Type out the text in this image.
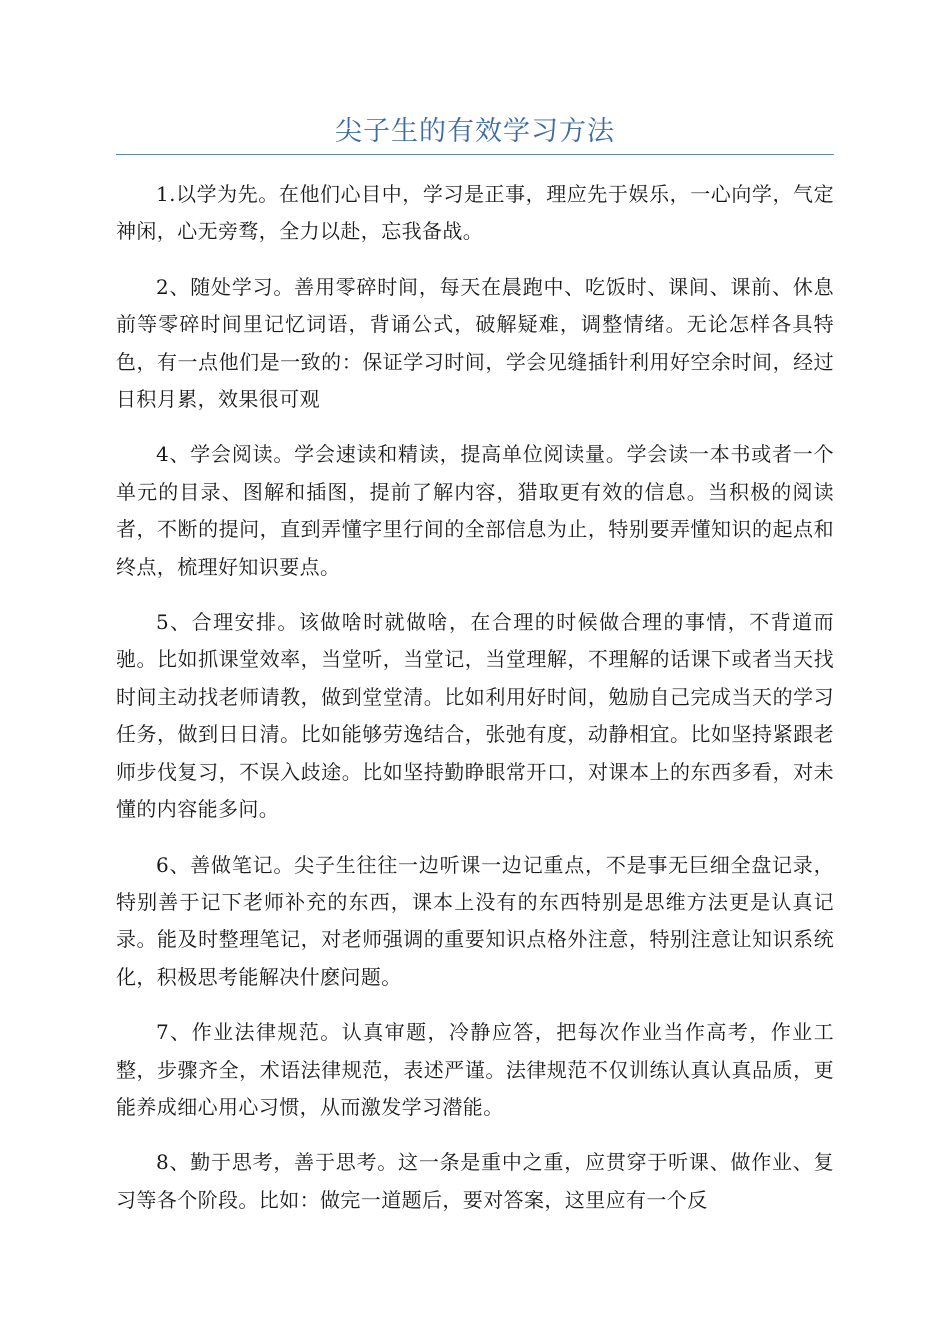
尖子生的有效学习方法

1.以学为先。在他们心目中，学习是正事，理应先于娱乐，一心向学，气定神闲，心无旁骛，全力以赴，忘我备战。

2、随处学习。善用零碎时间，每天在晨跑中、吃饭时、课间、课前、休息前等零碎时间里记忆词语，背诵公式，破解疑难，调整情绪。无论怎样各具特色，有一点他们是一致的：保证学习时间，学会见缝插针利用好空余时间，经过日积月累，效果很可观

4、学会阅读。学会速读和精读，提高单位阅读量。学会读一本书或者一个单元的目录、图解和插图，提前了解内容，猎取更有效的信息。当积极的阅读者，不断的提问，直到弄懂字里行间的全部信息为止，特别要弄懂知识的起点和终点，梳理好知识要点。

5、合理安排。该做啥时就做啥，在合理的时候做合理的事情，不背道而驰。比如抓课堂效率，当堂听，当堂记，当堂理解，不理解的话课下或者当天找时间主动找老师请教，做到堂堂清。比如利用好时间，勉励自己完成当天的学习任务，做到日日清。比如能够劳逸结合，张弛有度，动静相宜。比如坚持紧跟老师步伐复习，不误入歧途。比如坚持勤睁眼常开口，对课本上的东西多看，对未懂的内容能多问。

6、善做笔记。尖子生往往一边听课一边记重点，不是事无巨细全盘记录，特别善于记下老师补充的东西，课本上没有的东西特别是思维方法更是认真记录。能及时整理笔记，对老师强调的重要知识点格外注意，特别注意让知识系统化，积极思考能解决什麽问题。

7、作业法律规范。认真审题，冷静应答，把每次作业当作高考，作业工整，步骤齐全，术语法律规范，表述严谨。法律规范不仅训练认真认真品质，更能养成细心用心习惯，从而激发学习潜能。

8、勤于思考，善于思考。这一条是重中之重，应贯穿于听课、做作业、复习等各个阶段。比如：做完一道题后，要对答案，这里应有一个反
